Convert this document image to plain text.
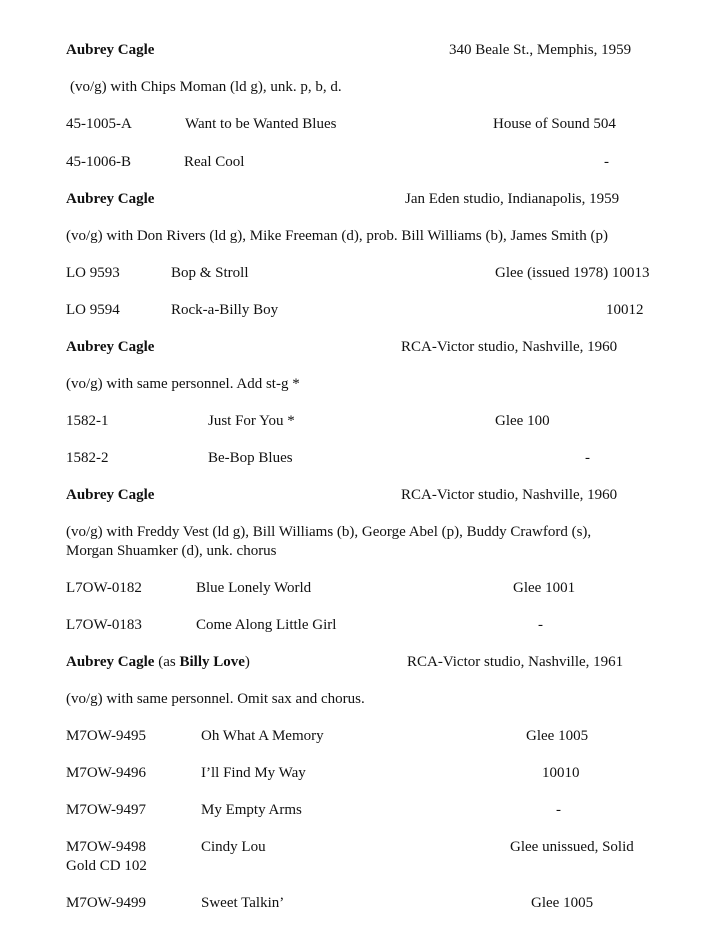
Aubrey Cagle	340 Beale St., Memphis, 1959
(vo/g) with Chips Moman (ld g), unk. p, b, d.
45-1005-A	Want to be Wanted Blues	House of Sound 504
45-1006-B	Real Cool	-
Aubrey Cagle	Jan Eden studio, Indianapolis, 1959
(vo/g) with Don Rivers (ld g), Mike Freeman (d), prob. Bill Williams (b), James Smith (p)
LO 9593	Bop & Stroll	Glee (issued 1978) 10013
LO 9594	Rock-a-Billy Boy	10012
Aubrey Cagle	RCA-Victor studio, Nashville, 1960
(vo/g) with same personnel. Add st-g *
1582-1	Just For You *	Glee 100
1582-2	Be-Bop Blues	-
Aubrey Cagle	RCA-Victor studio, Nashville, 1960
(vo/g) with Freddy Vest (ld g), Bill Williams (b), George Abel (p), Buddy Crawford (s),
Morgan Shuamker (d), unk. chorus
L7OW-0182	Blue Lonely World	Glee 1001
L7OW-0183	Come Along Little Girl	-
Aubrey Cagle (as Billy Love)	RCA-Victor studio, Nashville, 1961
(vo/g) with same personnel. Omit sax and chorus.
M7OW-9495	Oh What A Memory	Glee 1005
M7OW-9496	I’ll Find My Way	10010
M7OW-9497	My Empty Arms	-
M7OW-9498	Cindy Lou	Glee unissued, Solid
Gold CD 102
M7OW-9499	Sweet Talkin’	Glee 1005
